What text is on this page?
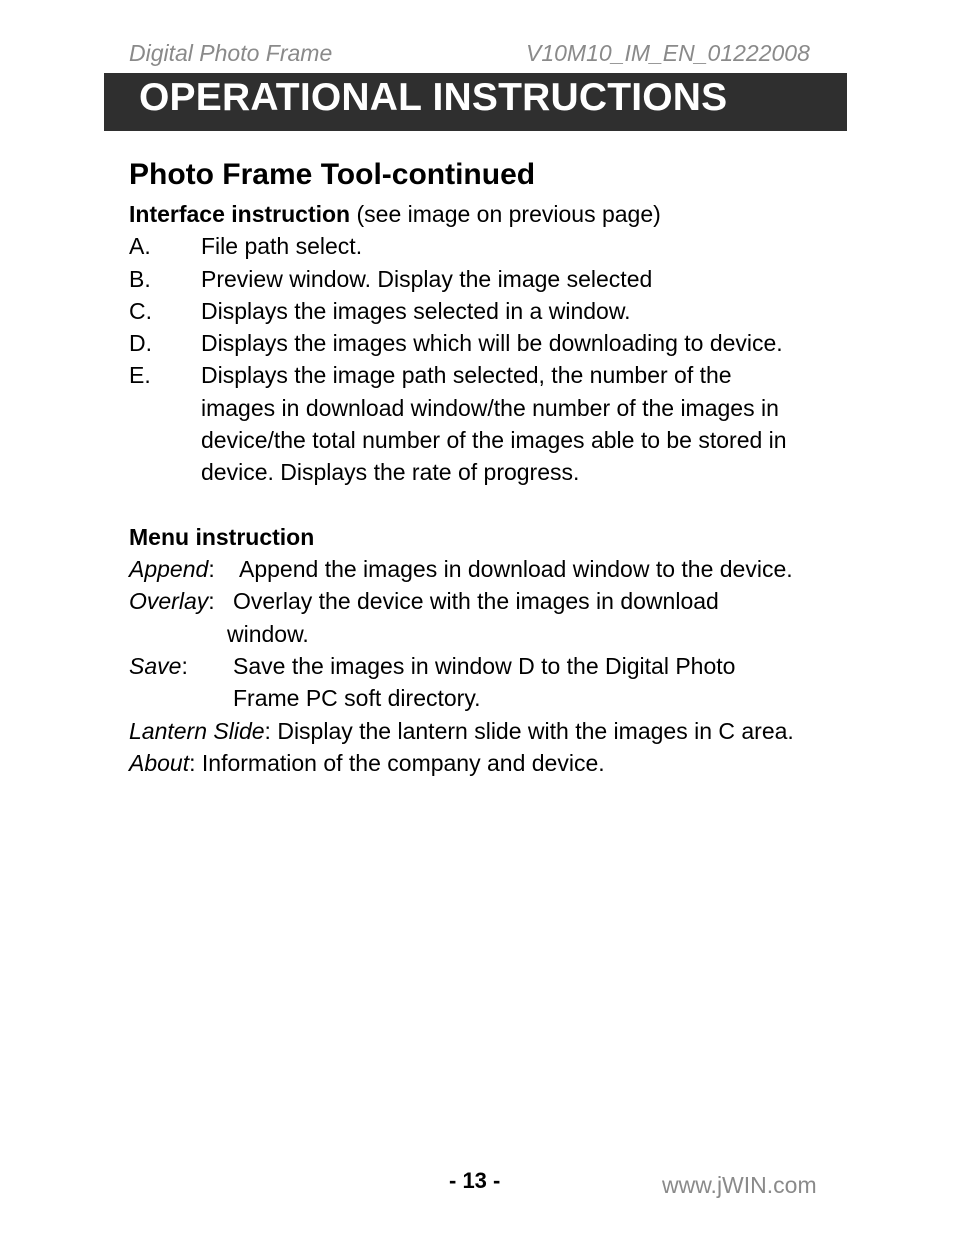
Digital Photo Frame	V10M10_IM_EN_01222008
OPERATIONAL INSTRUCTIONS
Photo Frame Tool-continued
Interface instruction (see image on previous page)
A. File path select.
B. Preview window. Display the image selected
C. Displays the images selected in a window.
D. Displays the images which will be downloading to device.
E. Displays the image path selected, the number of the
images in download window/the number of the images in
device/the total number of the images able to be stored in
device. Displays the rate of progress.
Menu instruction
Append: Append the images in download window to the device.
Overlay: Overlay the device with the images in download
window.
Save: Save the images in window D to the Digital Photo
Frame PC soft directory.
Lantern Slide: Display the lantern slide with the images in C area.
About: Information of the company and device.
- 13 -	www.jWIN.com
